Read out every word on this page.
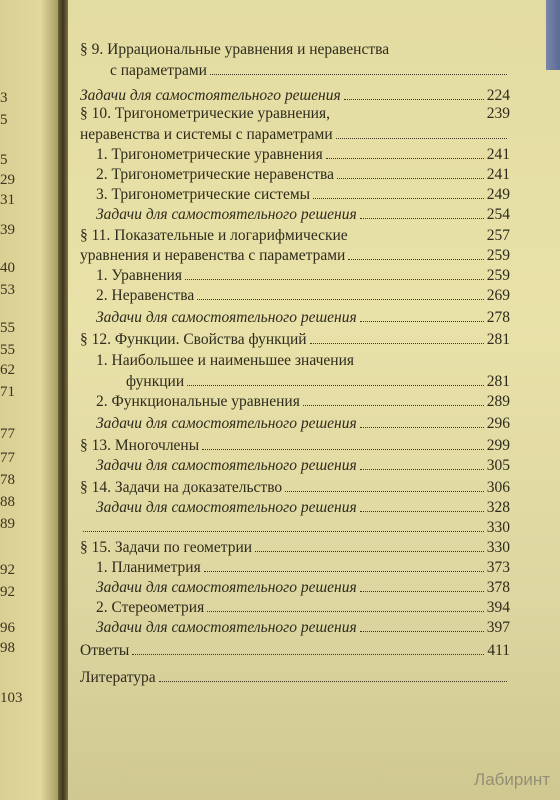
3
5
5
29
31
39
40
53
55
55
62
71
77
77
78
88
89
92
92
96
98
103
§ 9. Иррациональные уравнения и неравенства
с параметрами
Задачи для самостоятельного решения	224
§ 10. Тригонометрические уравнения,	239
неравенства и системы с параметрами
1. Тригонометрические уравнения	241
2. Тригонометрические неравенства	241
3. Тригонометрические системы	249
Задачи для самостоятельного решения	254
§ 11. Показательные и логарифмические	257
уравнения и неравенства с параметрами	259
1. Уравнения	259
2. Неравенства	269
Задачи для самостоятельного решения	278
§ 12. Функции. Свойства функций	281
1. Наибольшее и наименьшее значения
функции	281
2. Функциональные уравнения	289
Задачи для самостоятельного решения	296
§ 13. Многочлены	299
Задачи для самостоятельного решения	305
§ 14. Задачи на доказательство	306
Задачи для самостоятельного решения	328
330
§ 15. Задачи по геометрии	330
1. Планиметрия	373
Задачи для самостоятельного решения	378
2. Стереометрия	394
Задачи для самостоятельного решения	397
Ответы	411
Литература
Лабиринт
